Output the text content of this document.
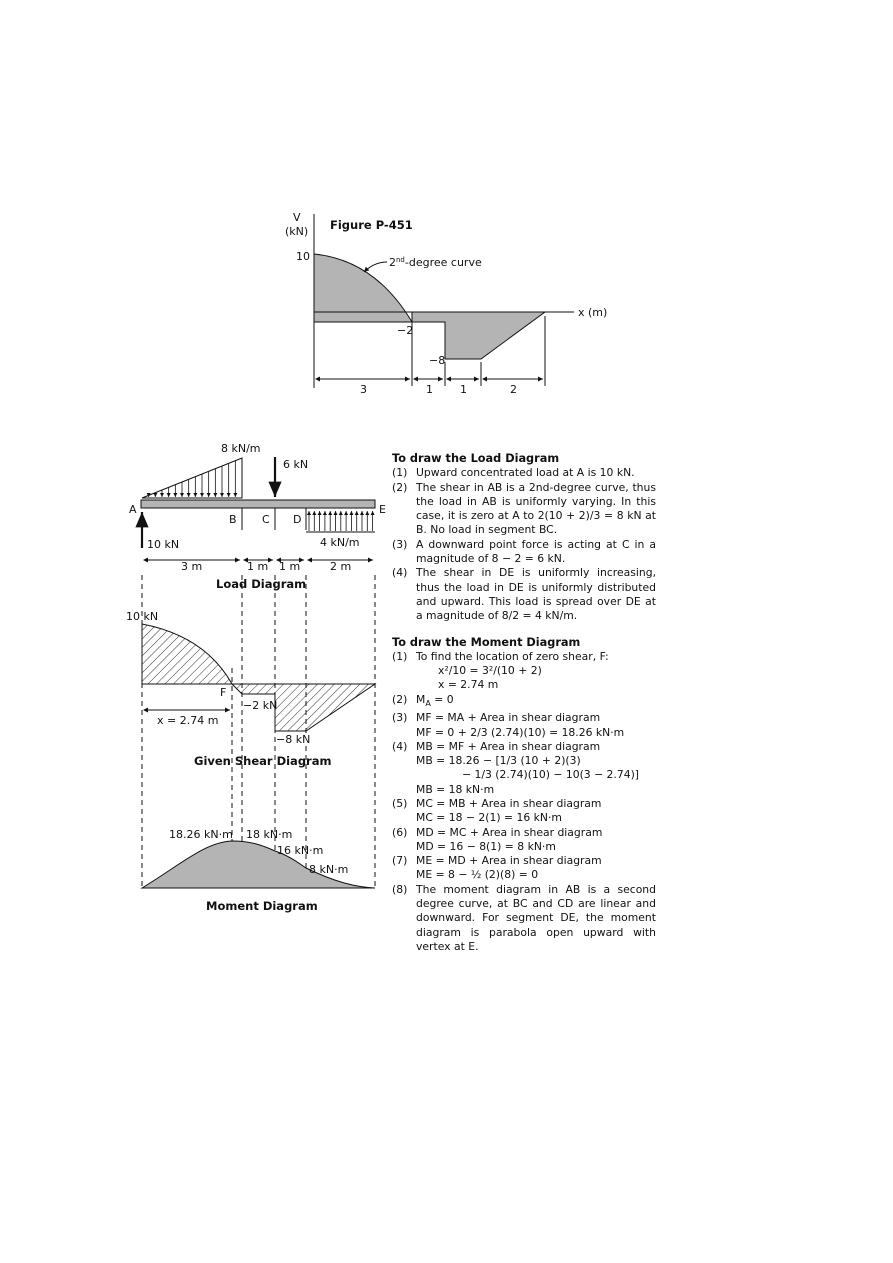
V
(kN) Figure P-451
x (m)
10
−2
−8
2nd-degree curve
3	1 1	2
8 kN/m
A
B C D
E
6 kN
10 kN	4 kN/m
3 m	1 m 1 m	2 m
Load Diagram
10 kN
F
−2 kN
−8 kN
x = 2.74 m
Given Shear Diagram
18.26 kN·m 18 kN·m
16 kN·m
8 kN·m
Moment Diagram
To draw the Load Diagram
(1) Upward concentrated load at A is 10 kN.
(2) The shear in AB is a 2nd-degree curve, thus the load in AB is uniformly varying. In this case, it is zero at A to 2(10 + 2)/3 = 8 kN at B. No load in segment BC.
(3) A downward point force is acting at C in a magnitude of 8 − 2 = 6 kN.
(4) The shear in DE is uniformly increasing, thus the load in DE is uniformly distributed and upward. This load is spread over DE at a magnitude of 8/2 = 4 kN/m.
To draw the Moment Diagram
(1) To find the location of zero shear, F:
x²/10 = 3²/(10 + 2)
x = 2.74 m
(2) $M_A = 0$
(3) MF = MA + Area in shear diagram
MF = 0 + 2/3 (2.74)(10) = 18.26 kN·m
(4) MB = MF + Area in shear diagram
MB = 18.26 − [1/3 (10 + 2)(3)
− 1/3 (2.74)(10) − 10(3 − 2.74)]
MB = 18 kN·m
(5) MC = MB + Area in shear diagram
MC = 18 − 2(1) = 16 kN·m
(6) MD = MC + Area in shear diagram
MD = 16 − 8(1) = 8 kN·m
(7) ME = MD + Area in shear diagram
ME = 8 − ½ (2)(8) = 0
(8) The moment diagram in AB is a second degree curve, at BC and CD are linear and downward. For segment DE, the moment diagram is parabola open upward with vertex at E.
